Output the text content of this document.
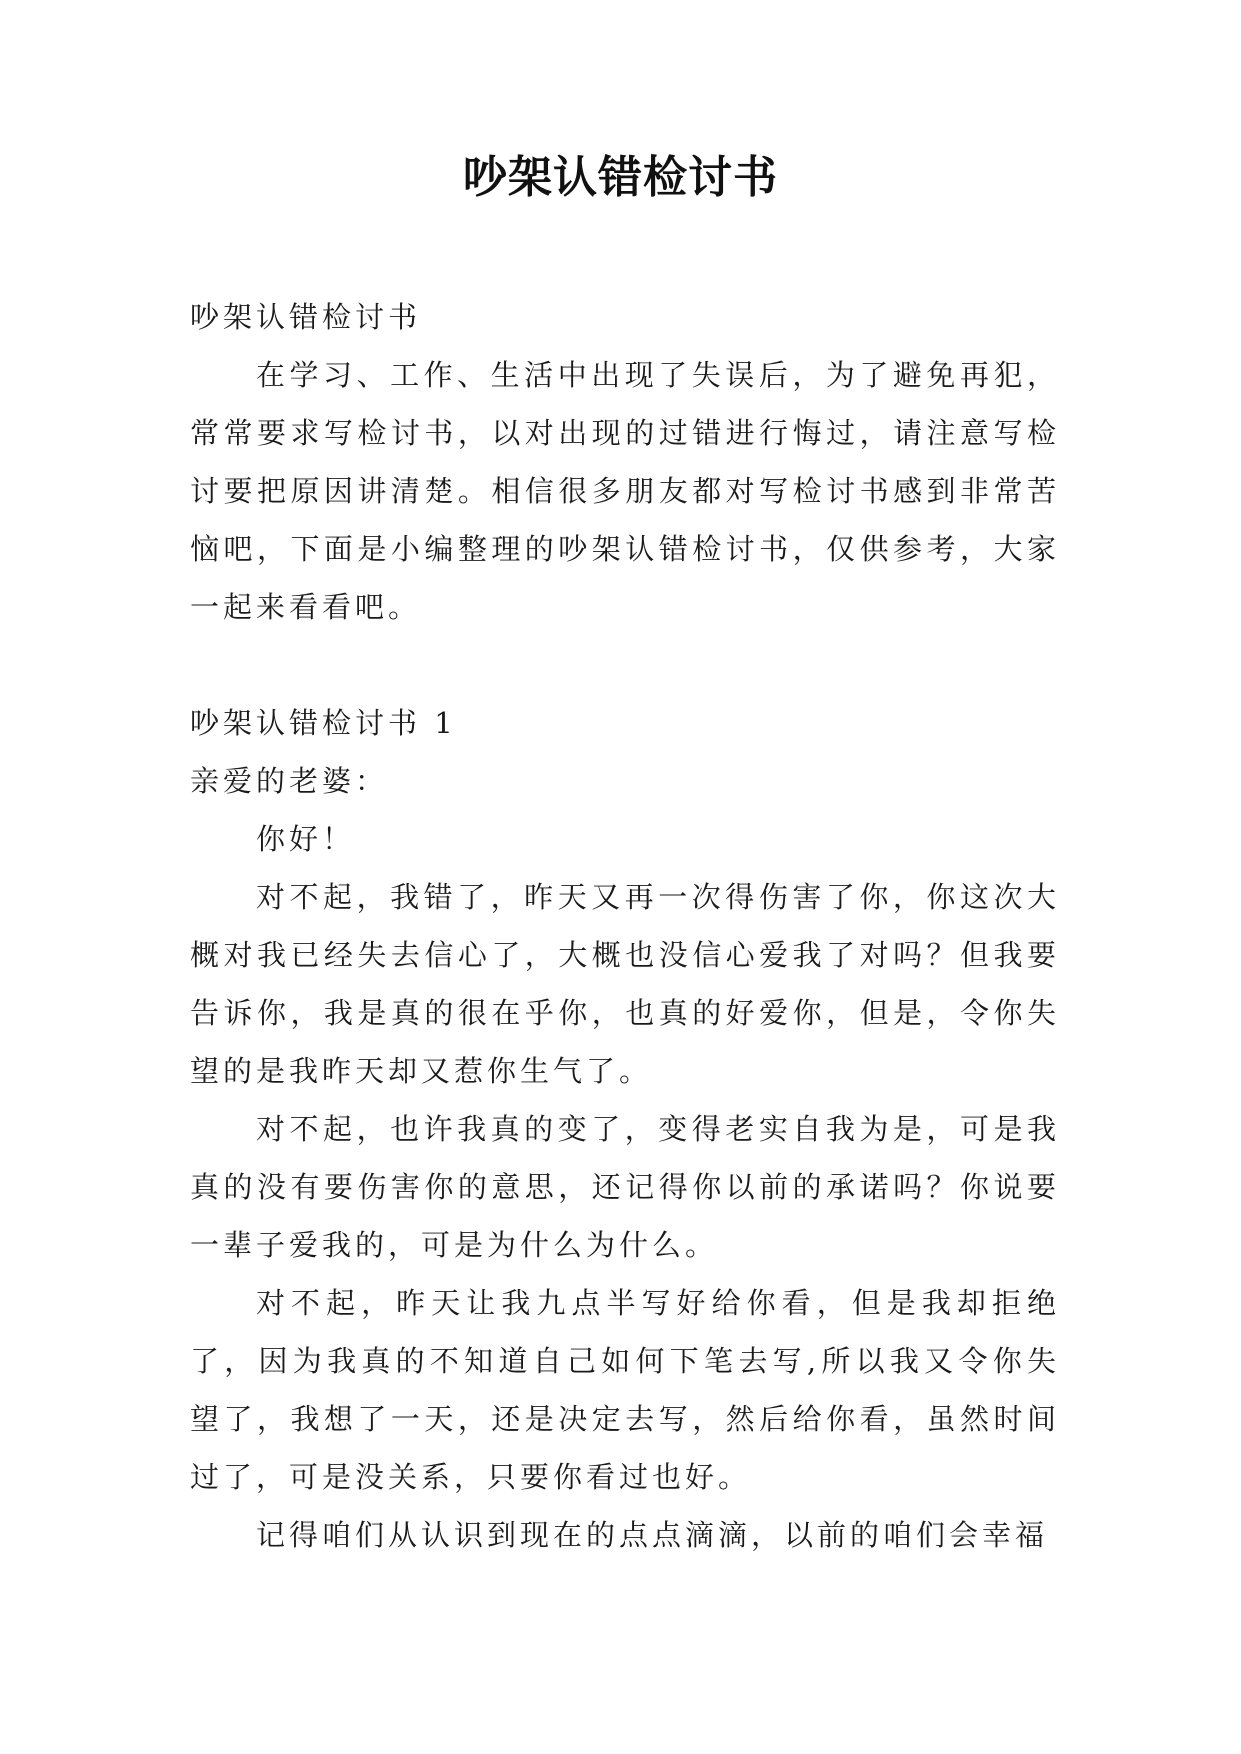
吵架认错检讨书

吵架认错检讨书

在学习、工作、生活中出现了失误后，为了避免再犯，常常要求写检讨书，以对出现的过错进行悔过，请注意写检讨要把原因讲清楚。相信很多朋友都对写检讨书感到非常苦恼吧，下面是小编整理的吵架认错检讨书，仅供参考，大家一起来看看吧。

吵架认错检讨书 1

亲爱的老婆：

你好！

对不起，我错了，昨天又再一次得伤害了你，你这次大概对我已经失去信心了，大概也没信心爱我了对吗？但我要告诉你，我是真的很在乎你，也真的好爱你，但是，令你失望的是我昨天却又惹你生气了。

对不起，也许我真的变了，变得老实自我为是，可是我真的没有要伤害你的意思，还记得你以前的承诺吗？你说要一辈子爱我的，可是为什么为什么。

对不起，昨天让我九点半写好给你看，但是我却拒绝了，因为我真的不知道自己如何下笔去写,所以我又令你失望了，我想了一天，还是决定去写，然后给你看，虽然时间过了，可是没关系，只要你看过也好。

记得咱们从认识到现在的点点滴滴，以前的咱们会幸福
